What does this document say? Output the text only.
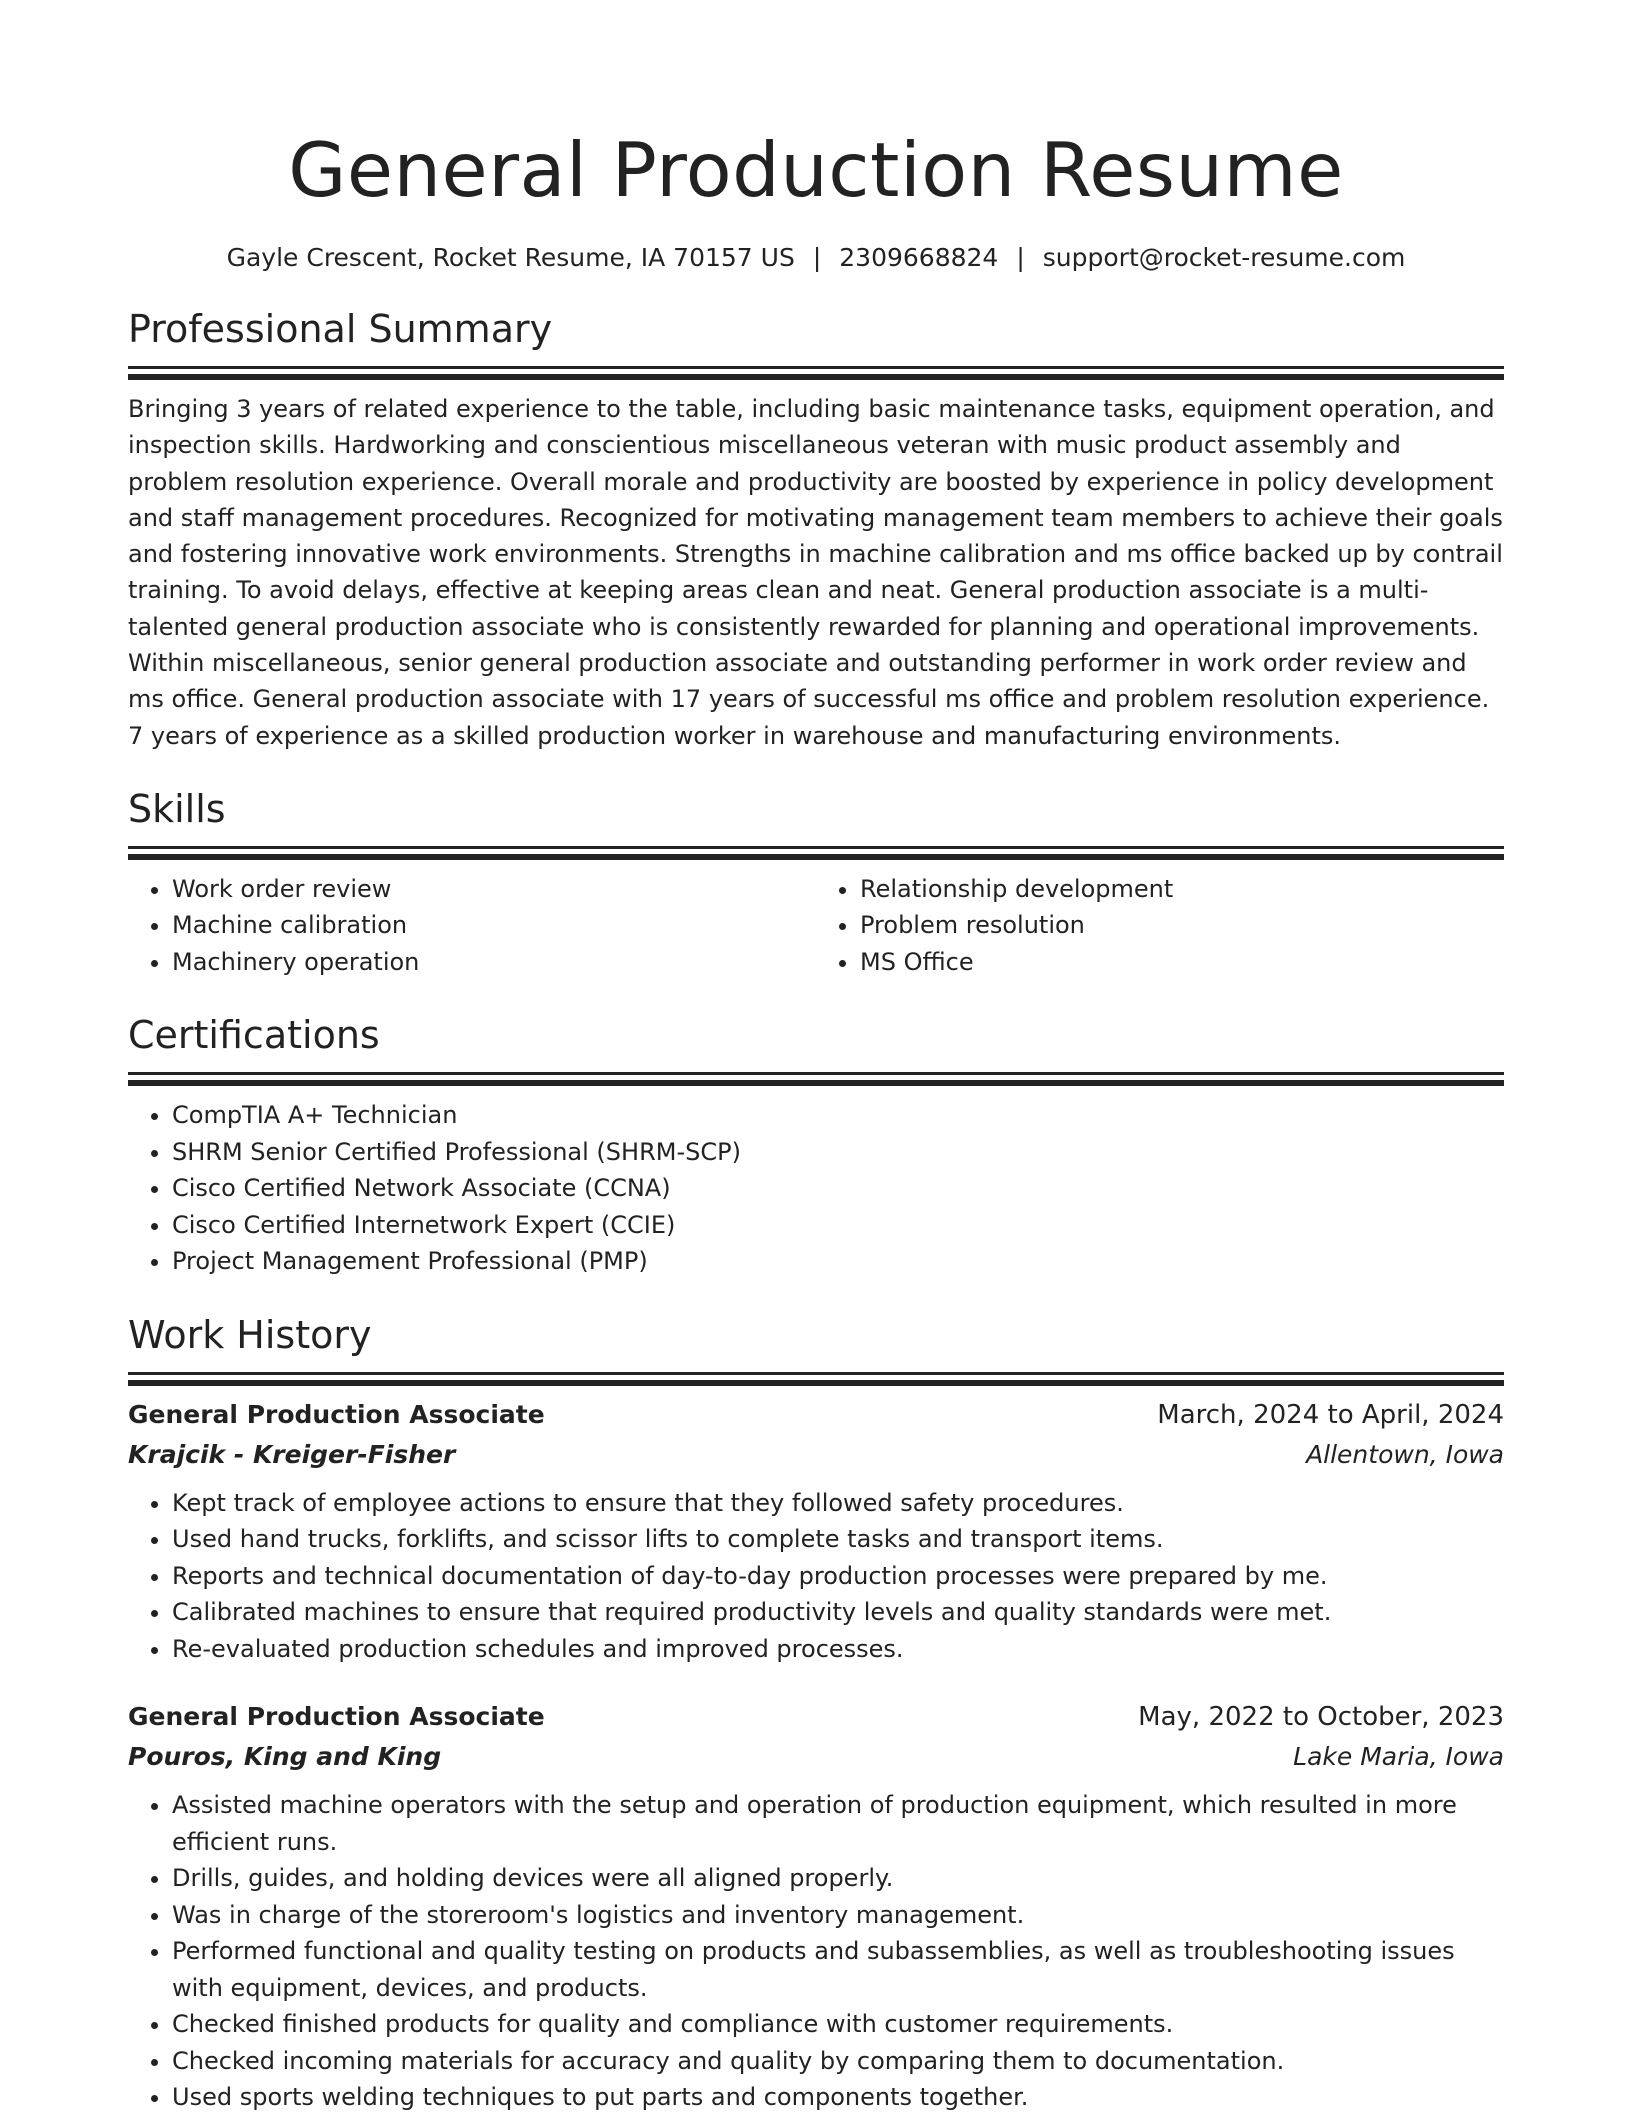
General Production Resume
Gayle Crescent, Rocket Resume, IA 70157 US | 2309668824 | support@rocket-resume.com
Professional Summary

Bringing 3 years of related experience to the table, including basic maintenance tasks, equipment operation, and inspection skills. Hardworking and conscientious miscellaneous veteran with music product assembly and problem resolution experience. Overall morale and productivity are boosted by experience in policy development and staff management procedures. Recognized for motivating management team members to achieve their goals and fostering innovative work environments. Strengths in machine calibration and ms office backed up by contrail training. To avoid delays, effective at keeping areas clean and neat. General production associate is a multi-talented general production associate who is consistently rewarded for planning and operational improvements. Within miscellaneous, senior general production associate and outstanding performer in work order review and ms office. General production associate with 17 years of successful ms office and problem resolution experience. 7 years of experience as a skilled production worker in warehouse and manufacturing environments.

Skills
• Work order review
• Machine calibration
• Machinery operation
• Relationship development
• Problem resolution
• MS Office
Certifications
• CompTIA A+ Technician
• SHRM Senior Certified Professional (SHRM-SCP)
• Cisco Certified Network Associate (CCNA)
• Cisco Certified Internetwork Expert (CCIE)
• Project Management Professional (PMP)
Work History
General Production Associate	March, 2024 to April, 2024
Krajcik - Kreiger-Fisher	Allentown, Iowa
• Kept track of employee actions to ensure that they followed safety procedures.
• Used hand trucks, forklifts, and scissor lifts to complete tasks and transport items.
• Reports and technical documentation of day-to-day production processes were prepared by me.
• Calibrated machines to ensure that required productivity levels and quality standards were met.
• Re-evaluated production schedules and improved processes.
General Production Associate	May, 2022 to October, 2023
Pouros, King and King	Lake Maria, Iowa
• Assisted machine operators with the setup and operation of production equipment, which resulted in more efficient runs.
• Drills, guides, and holding devices were all aligned properly.
• Was in charge of the storeroom's logistics and inventory management.
• Performed functional and quality testing on products and subassemblies, as well as troubleshooting issues with equipment, devices, and products.
• Checked finished products for quality and compliance with customer requirements.
• Checked incoming materials for accuracy and quality by comparing them to documentation.
• Used sports welding techniques to put parts and components together.
